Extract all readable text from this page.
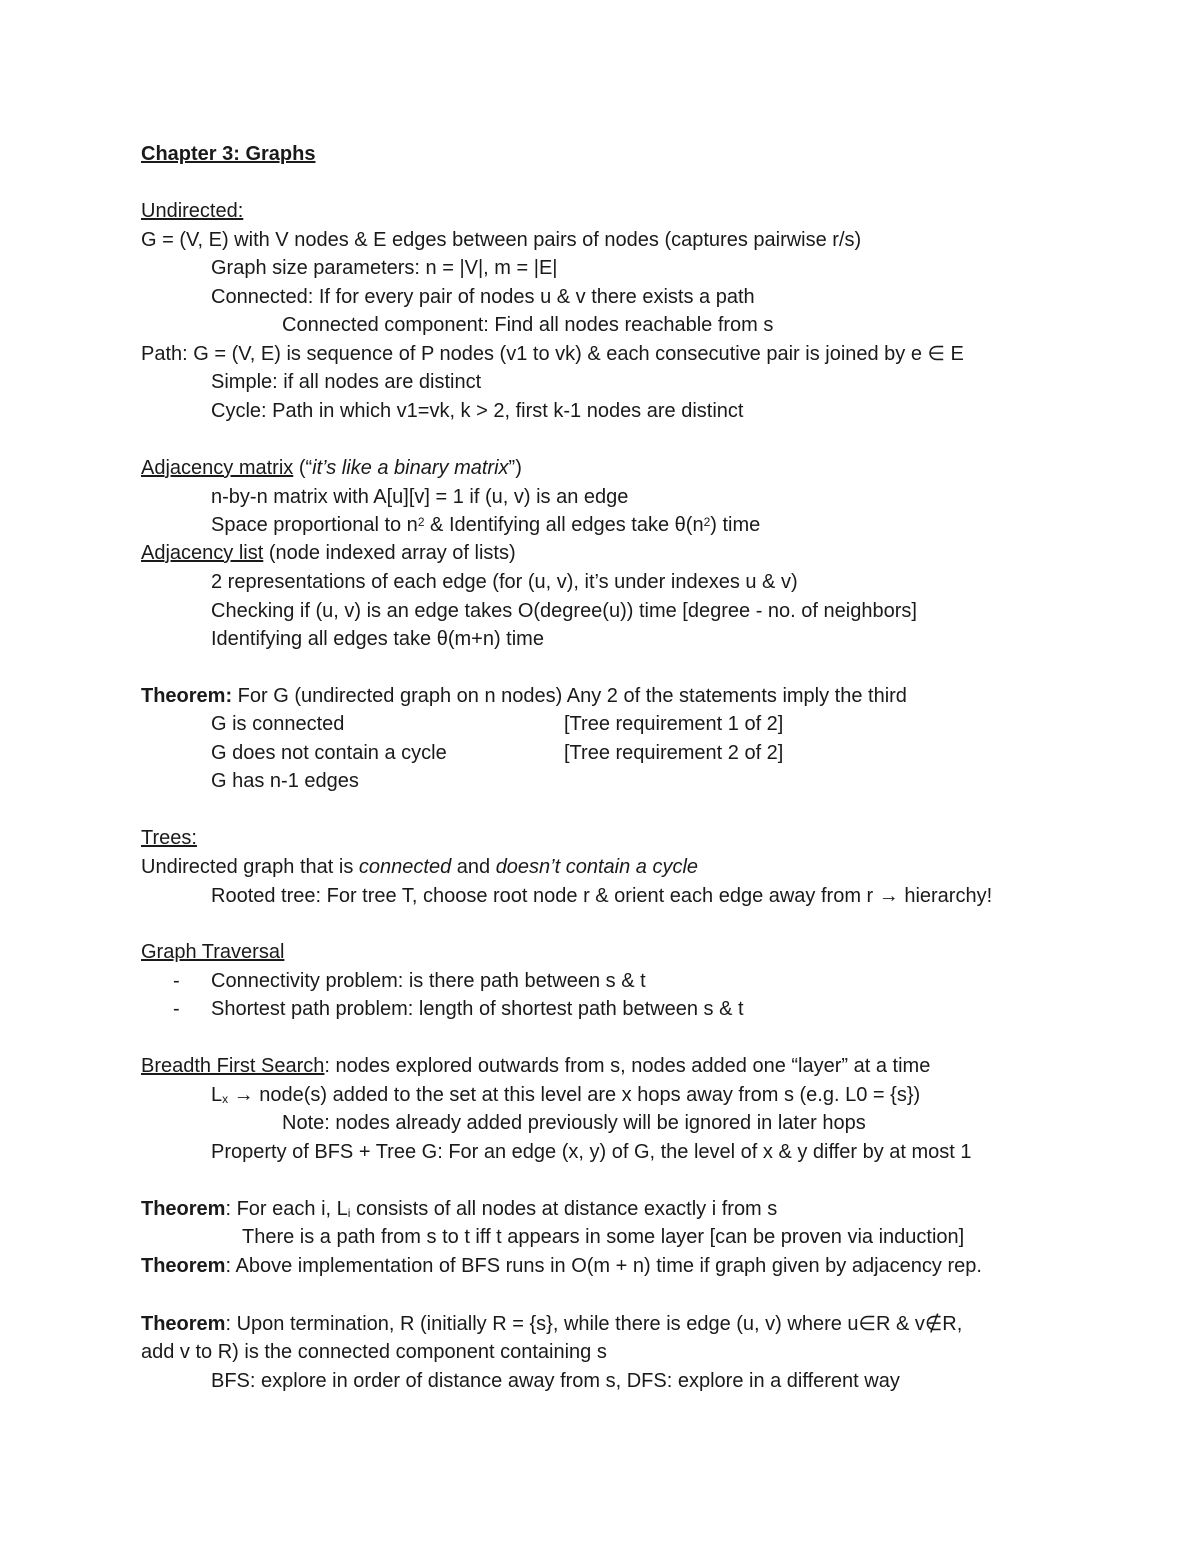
Chapter 3: Graphs
Undirected:
G = (V, E) with V nodes & E edges between pairs of nodes (captures pairwise r/s)
Graph size parameters: n = |V|, m = |E|
Connected: If for every pair of nodes u & v there exists a path
Connected component: Find all nodes reachable from s
Path: G = (V, E) is sequence of P nodes (v1 to vk) & each consecutive pair is joined by e ∈ E
Simple: if all nodes are distinct
Cycle: Path in which v1=vk, k > 2, first k-1 nodes are distinct
Adjacency matrix (“it’s like a binary matrix”)
n-by-n matrix with A[u][v] = 1 if (u, v) is an edge
Space proportional to $n^2$ & Identifying all edges take $\theta(n^2)$ time
Adjacency list (node indexed array of lists)
2 representations of each edge (for (u, v), it’s under indexes u & v)
Checking if (u, v) is an edge takes O(degree(u)) time [degree - no. of neighbors]
Identifying all edges take θ(m+n) time
Theorem: For G (undirected graph on n nodes) Any 2 of the statements imply the third
G is connected	[Tree requirement 1 of 2]
G does not contain a cycle	[Tree requirement 2 of 2]
G has n-1 edges
Trees:
Undirected graph that is connected and doesn’t contain a cycle
Rooted tree: For tree T, choose root node r & orient each edge away from r → hierarchy!
Graph Traversal
- Connectivity problem: is there path between s & t
- Shortest path problem: length of shortest path between s & t
Breadth First Search: nodes explored outwards from s, nodes added one “layer” at a time
$L_x$ → node(s) added to the set at this level are x hops away from s (e.g. L0 = {s})
Note: nodes already added previously will be ignored in later hops
Property of BFS + Tree G: For an edge (x, y) of G, the level of x & y differ by at most 1
Theorem: For each i, $L_i$ consists of all nodes at distance exactly i from s
There is a path from s to t iff t appears in some layer [can be proven via induction]
Theorem: Above implementation of BFS runs in O(m + n) time if graph given by adjacency rep.
Theorem: Upon termination, R (initially R = {s}, while there is edge (u, v) where u∈R & v∉R,
add v to R) is the connected component containing s
BFS: explore in order of distance away from s, DFS: explore in a different way
